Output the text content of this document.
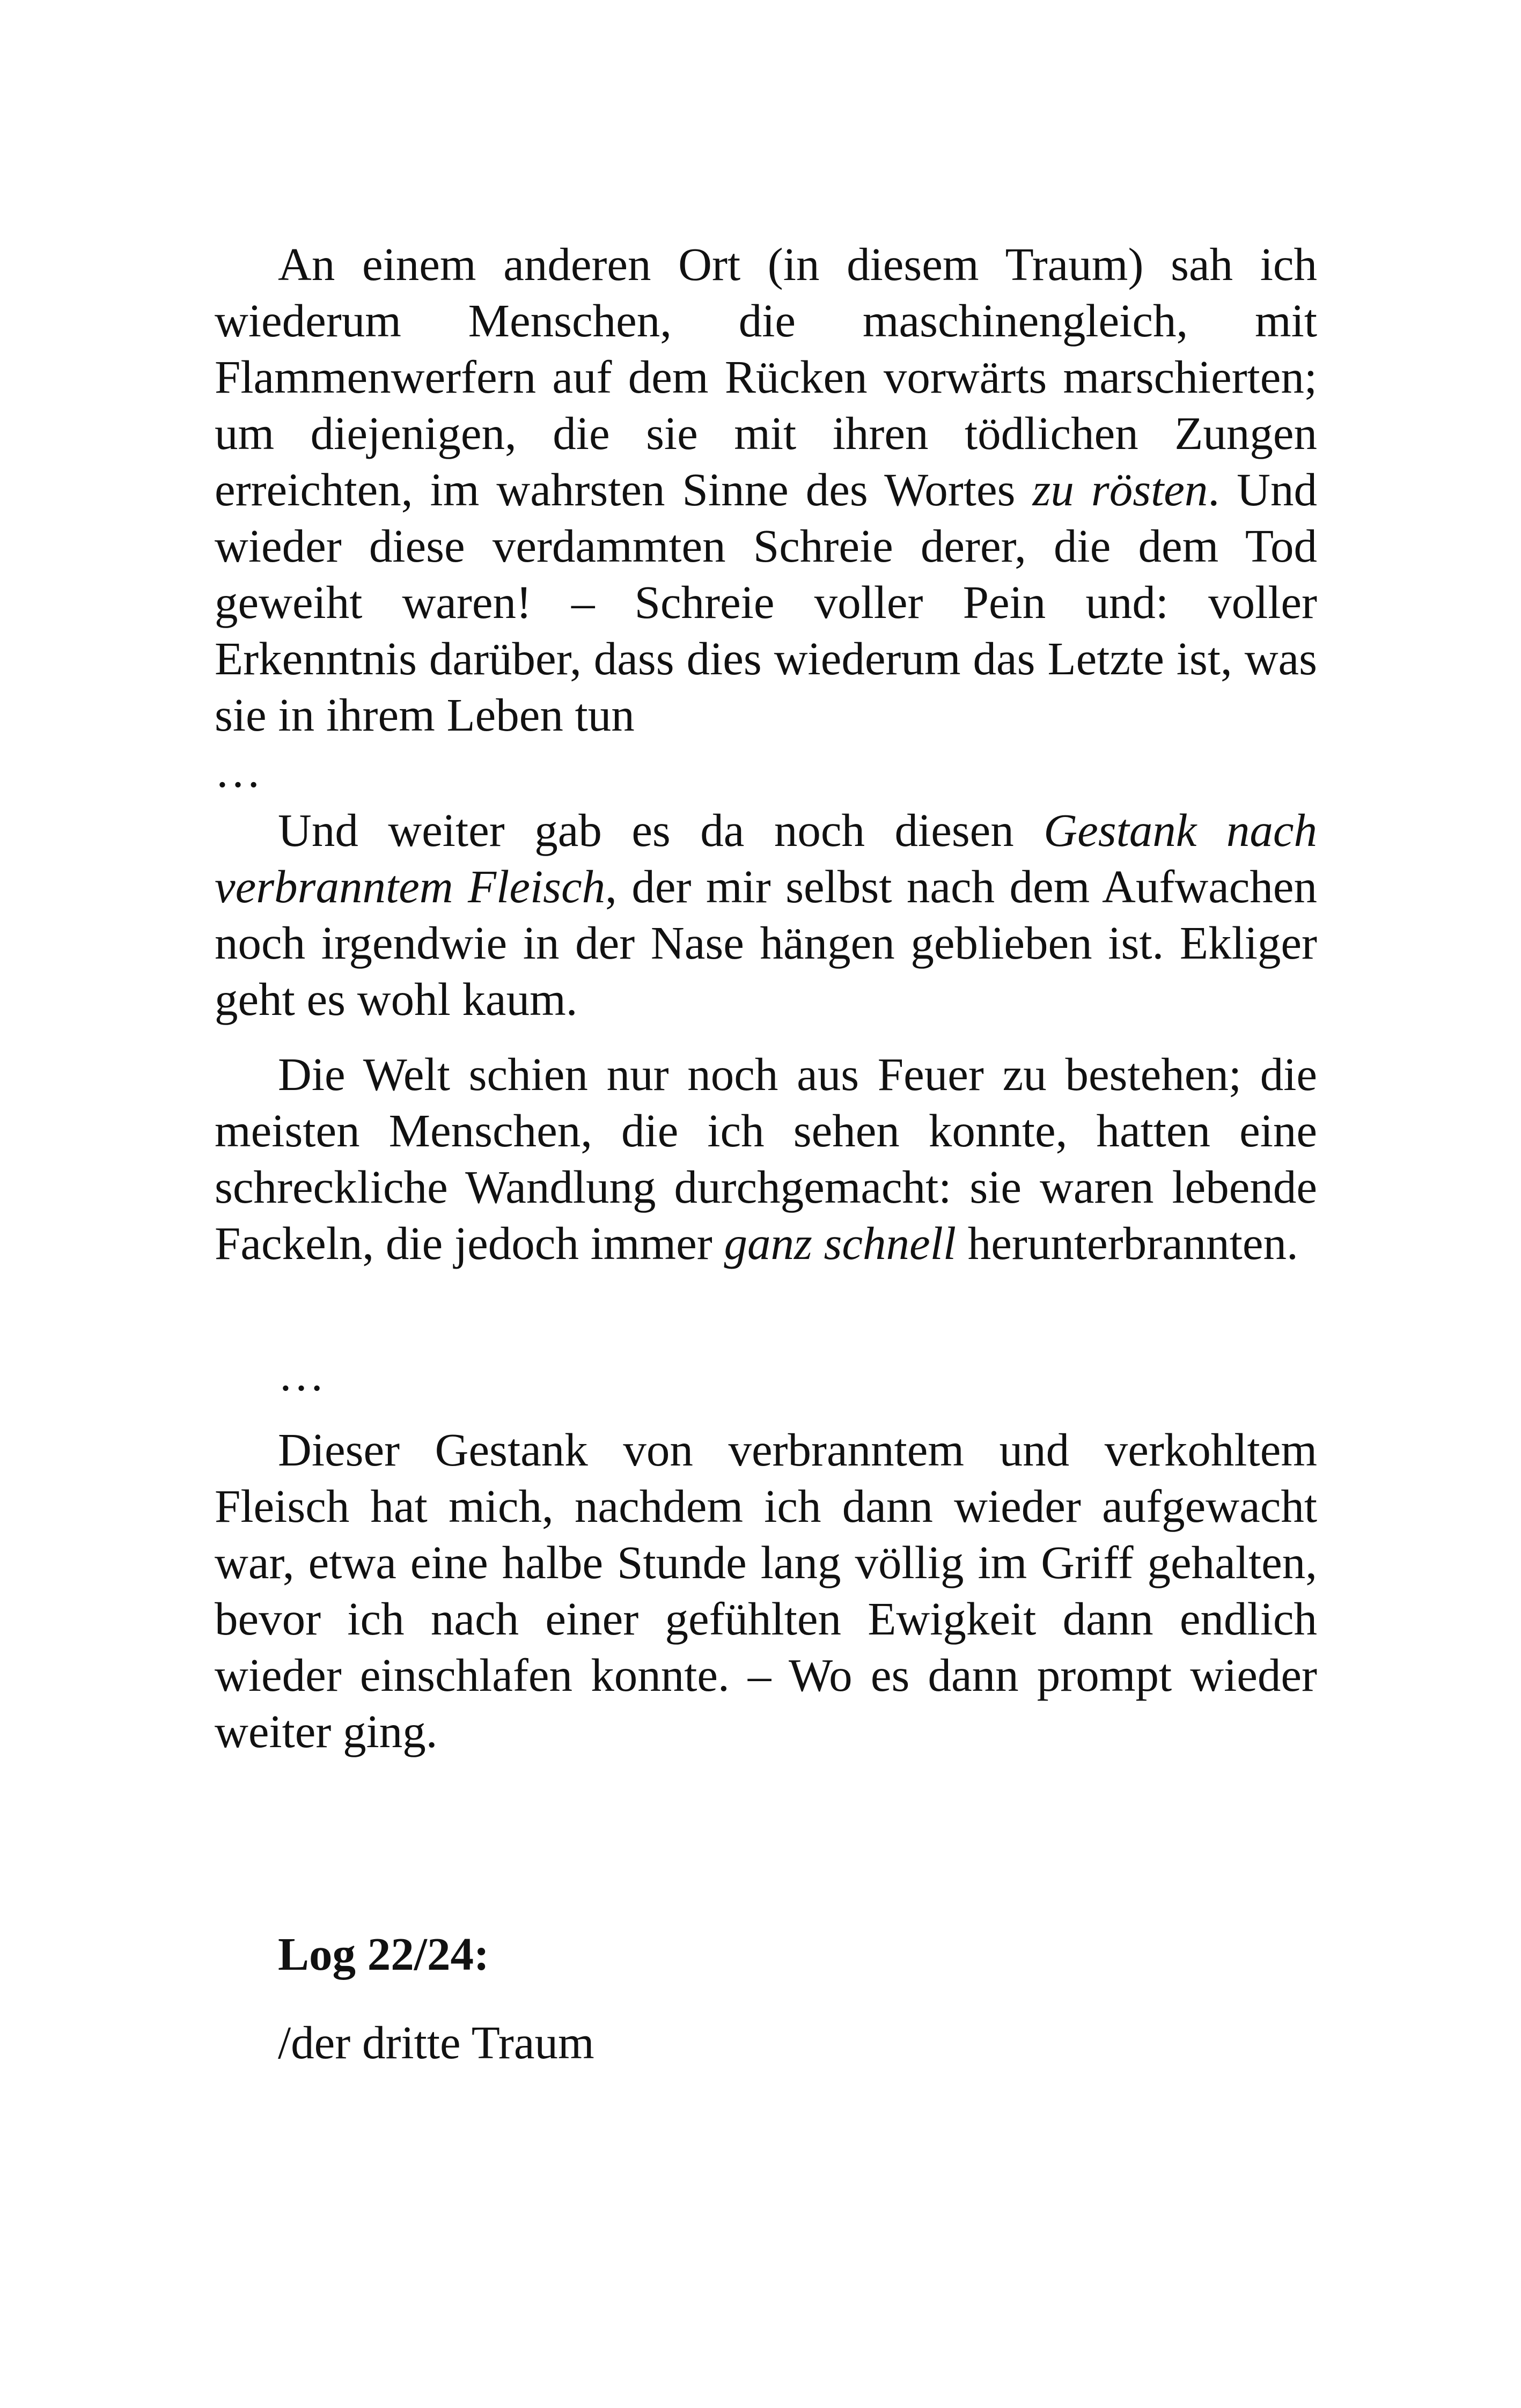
An einem anderen Ort (in diesem Traum) sah ich wiederum Menschen, die maschinengleich, mit Flammenwerfern auf dem Rücken vorwärts marschierten; um diejenigen, die sie mit ihren tödlichen Zungen erreichten, im wahrsten Sinne des Wortes zu rösten. Und wieder diese verdammten Schreie derer, die dem Tod geweiht waren! – Schreie voller Pein und: voller Erkenntnis darüber, dass dies wiederum das Letzte ist, was sie in ihrem Leben tun
…

Und weiter gab es da noch diesen Gestank nach verbranntem Fleisch, der mir selbst nach dem Aufwachen noch irgendwie in der Nase hängen geblieben ist. Ekliger geht es wohl kaum.

Die Welt schien nur noch aus Feuer zu bestehen; die meisten Menschen, die ich sehen konnte, hatten eine schreckliche Wandlung durchgemacht: sie waren lebende Fackeln, die jedoch immer ganz schnell herunterbrannten.

…

Dieser Gestank von verbranntem und verkohltem Fleisch hat mich, nachdem ich dann wieder aufgewacht war, etwa eine halbe Stunde lang völlig im Griff gehalten, bevor ich nach einer gefühlten Ewigkeit dann endlich wieder einschlafen konnte. – Wo es dann prompt wieder weiter ging.

Log 22/24:
/der dritte Traum
